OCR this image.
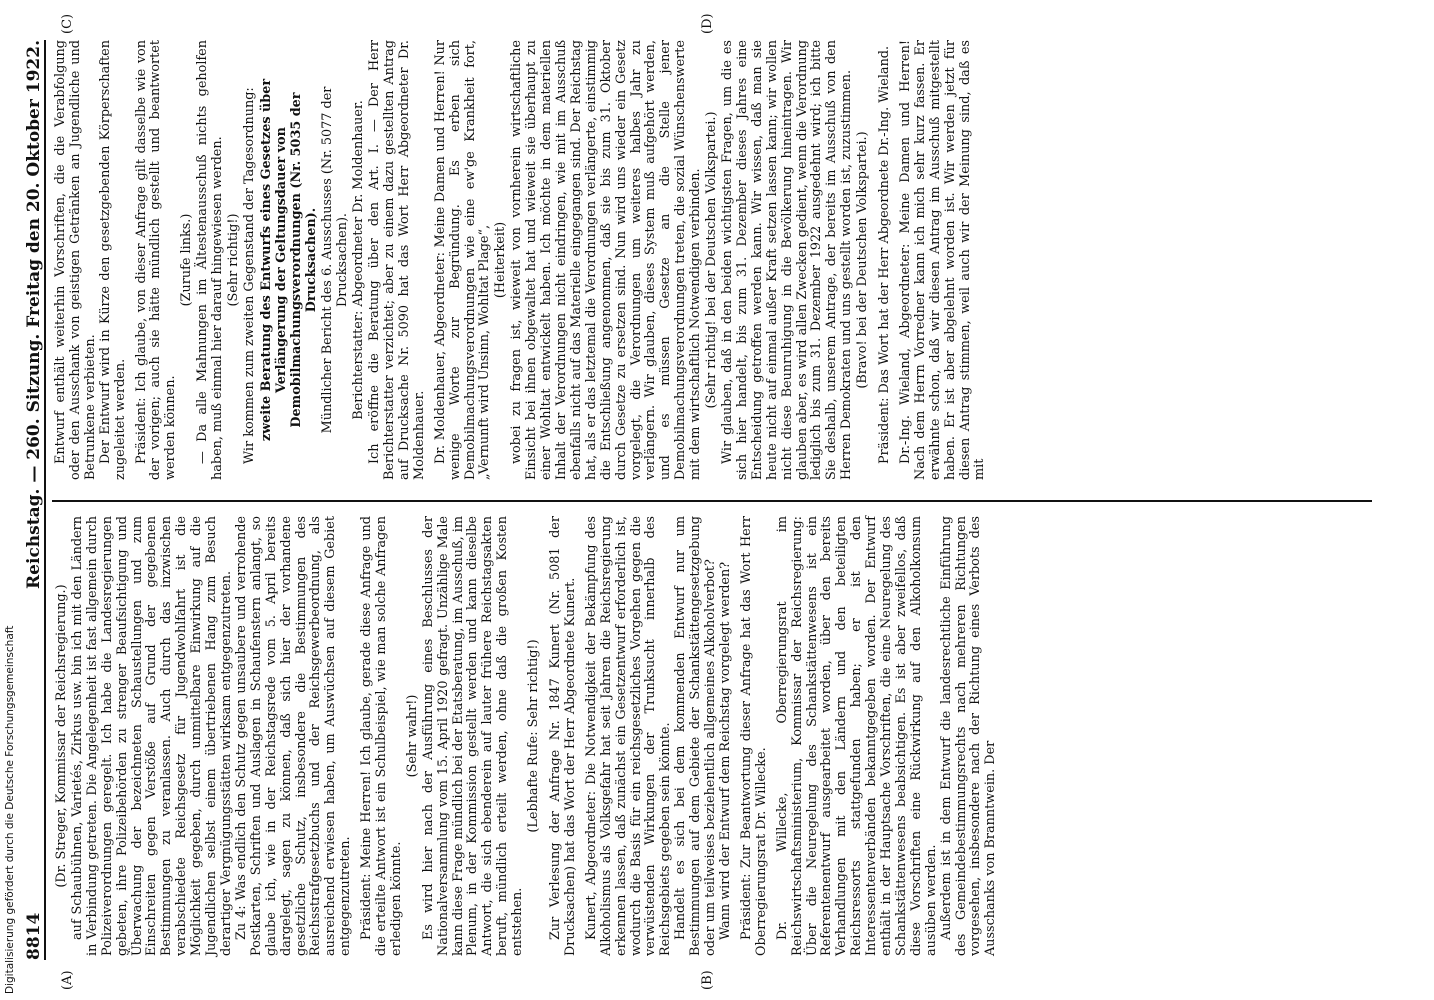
8814
Reichstag. — 260. Sitzung. Freitag den 20. Oktober 1922.
(A)	(B)
(C)	(D)

(Dr. Streger, Kommissar der Reichsregierung.) auf Schaubühnen, Varietés, Zirkus usw. bin ich mit den Ländern in Verbindung getreten. Die Angelegenheit ist fast allgemein durch Polizeiverordnungen geregelt. Ich habe die Landesregierungen gebeten, ihre Polizeibehörden zu strenger Beaufsichtigung und Überwachung der bezeichneten Schaustellungen und zum Einschreiten gegen Verstöße auf Grund der gegebenen Bestimmungen zu veranlassen. Auch durch das inzwischen verabschiedete Reichsgesetz für Jugendwohlfahrt ist die Möglichkeit gegeben, durch unmittelbare Einwirkung auf die Jugendlichen selbst einem übertriebenen Hang zum Besuch derartiger Vergnügungsstätten wirksam entgegenzutreten. Zu 4: Was endlich den Schutz gegen unsaubere und verrohende Postkarten, Schriften und Auslagen in Schaufenstern anlangt, so glaube ich, wie in der Reichstagsrede vom 5. April bereits dargelegt, sagen zu können, daß sich hier der vorhandene gesetzliche Schutz, insbesondere die Bestimmungen des Reichsstrafgesetzbuchs und der Reichsgewerbeordnung, als ausreichend erwiesen haben, um Auswüchsen auf diesem Gebiet entgegenzutreten. Präsident: Meine Herren! Ich glaube, gerade diese Anfrage und die erteilte Antwort ist ein Schulbeispiel, wie man solche Anfragen erledigen könnte.

(Sehr wahr!) Es wird hier nach der Ausführung eines Beschlusses der Nationalversammlung vom 15. April 1920 gefragt. Unzählige Male kann diese Frage mündlich bei der Etatsberatung, im Ausschuß, im Plenum, in der Kommission gestellt werden und kann dieselbe Antwort, die sich ebenderein auf lauter frühere Reichstagsakten beruft, mündlich erteilt werden, ohne daß die großen Kosten entstehen.

(Lebhafte Rufe: Sehr richtig!) Zur Verlesung der Anfrage Nr. 1847 Kunert (Nr. 5081 der Drucksachen) hat das Wort der Herr Abgeordnete Kunert. Kunert, Abgeordneter: Die Notwendigkeit der Bekämpfung des Alkoholismus als Volksgefahr hat seit Jahren die Reichsregierung erkennen lassen, daß zunächst ein Gesetzentwurf erforderlich ist, wodurch die Basis für ein reichsgesetzliches Vorgehen gegen die verwüstenden Wirkungen der Trunksucht innerhalb des Reichsgebiets gegeben sein könnte. Handelt es sich bei dem kommenden Entwurf nur um Bestimmungen auf dem Gebiete der Schankstättengesetzgebung oder um teilweises beziehentlich allgemeines Alkoholverbot? Wann wird der Entwurf dem Reichstag vorgelegt werden? Präsident: Zur Beantwortung dieser Anfrage hat das Wort Herr Oberregierungsrat Dr. Willecke. Dr. Willecke, Oberregierungsrat im Reichswirtschaftsministerium, Kommissar der Reichsregierung: Über die Neuregelung des Schankstättenwesens ist ein Referentenentwurf ausgearbeitet worden, über den bereits Verhandlungen mit den Ländern und den beteiligten Reichsressorts stattgefunden haben; er ist den Interessentenverbänden bekanntgegeben worden. Der Entwurf enthält in der Hauptsache Vorschriften, die eine Neuregelung des Schankstättenwesens beabsichtigen. Es ist aber zweifellos, daß diese Vorschriften eine Rückwirkung auf den Alkoholkonsum ausüben werden. Außerdem ist in dem Entwurf die landesrechtliche Einführung des Gemeindebestimmungsrechts nach mehreren Richtungen vorgesehen, insbesondere nach der Richtung eines Verbots des Ausschanks von Branntwein. Der

Entwurf enthält weiterhin Vorschriften, die die Verabfolgung oder den Ausschank von geistigen Getränken an Jugendliche und Betrunkene verbieten. Der Entwurf wird in Kürze den gesetzgebenden Körperschaften zugeleitet werden. Präsident: Ich glaube, von dieser Anfrage gilt dasselbe wie von der vorigen; auch sie hätte mündlich gestellt und beantwortet werden können.

(Zurufe links.) — Da alle Mahnungen im Ältestenausschuß nichts geholfen haben, muß einmal hier darauf hingewiesen werden. (Sehr richtig!) Wir kommen zum zweiten Gegenstand der Tagesordnung: zweite Beratung des Entwurfs eines Gesetzes über Verlängerung der Geltungsdauer von Demobilmachungsverordnungen (Nr. 5035 der Drucksachen). Mündlicher Bericht des 6. Ausschusses (Nr. 5077 der Drucksachen). Berichterstatter: Abgeordneter Dr. Moldenhauer. Ich eröffne die Beratung über den Art. I. — Der Herr Berichterstatter verzichtet; aber zu einem dazu gestellten Antrag auf Drucksache Nr. 5090 hat das Wort Herr Abgeordneter Dr. Moldenhauer. Dr. Moldenhauer, Abgeordneter: Meine Damen und Herren! Nur wenige Worte zur Begründung. Es erben sich Demobilmachungsverordnungen wie eine ew'ge Krankheit fort, „Vernunft wird Unsinn, Wohltat Plage“, (Heiterkeit) wobei zu fragen ist, wieweit von vornherein wirtschaftliche Einsicht bei ihnen obgewaltet hat und wieweit sie überhaupt zu einer Wohltat entwickelt haben. Ich möchte in dem materiellen Inhalt der Verordnungen nicht eindringen, wie mit im Ausschuß ebenfalls nicht auf das Materielle eingegangen sind. Der Reichstag hat, als er das letztemal die Verordnungen verlängerte, einstimmig die Entschließung angenommen, daß sie bis zum 31. Oktober durch Gesetze zu ersetzen sind. Nun wird uns wieder ein Gesetz vorgelegt, die Verordnungen um weiteres halbes Jahr zu verlängern. Wir glauben, dieses System muß aufgehört werden, und es müssen Gesetze an die Stelle jener Demobilmachungsverordnungen treten, die sozial Wünschenswerte mit dem wirtschaftlich Notwendigen verbinden. (Sehr richtig! bei der Deutschen Volkspartei.) Wir glauben, daß in den beiden wichtigsten Fragen, um die es sich hier handelt, bis zum 31. Dezember dieses Jahres eine Entscheidung getroffen werden kann. Wir wissen, daß man sie heute nicht auf einmal außer Kraft setzen lassen kann; wir wollen nicht diese Beunruhigung in die Bevölkerung hineintragen. Wir glauben aber, es wird allen Zwecken gedient, wenn die Verordnung lediglich bis zum 31. Dezember 1922 ausgedehnt wird; ich bitte Sie deshalb, unserem Antrage, der bereits im Ausschuß von den Herren Demokraten und uns gestellt worden ist, zuzustimmen. (Bravo! bei der Deutschen Volkspartei.) Präsident: Das Wort hat der Herr Abgeordnete Dr.-Ing. Wieland. Dr.-Ing. Wieland, Abgeordneter: Meine Damen und Herren! Nach dem Herrn Vorredner kann ich mich sehr kurz fassen. Er erwähnte schon, daß wir diesen Antrag im Ausschuß mitgestellt haben. Er ist aber abgelehnt worden ist. Wir werden jetzt für diesen Antrag stimmen, weil auch wir der Meinung sind, daß es mit

Digitalisierung gefördert durch die Deutsche Forschungsgemeinschaft
